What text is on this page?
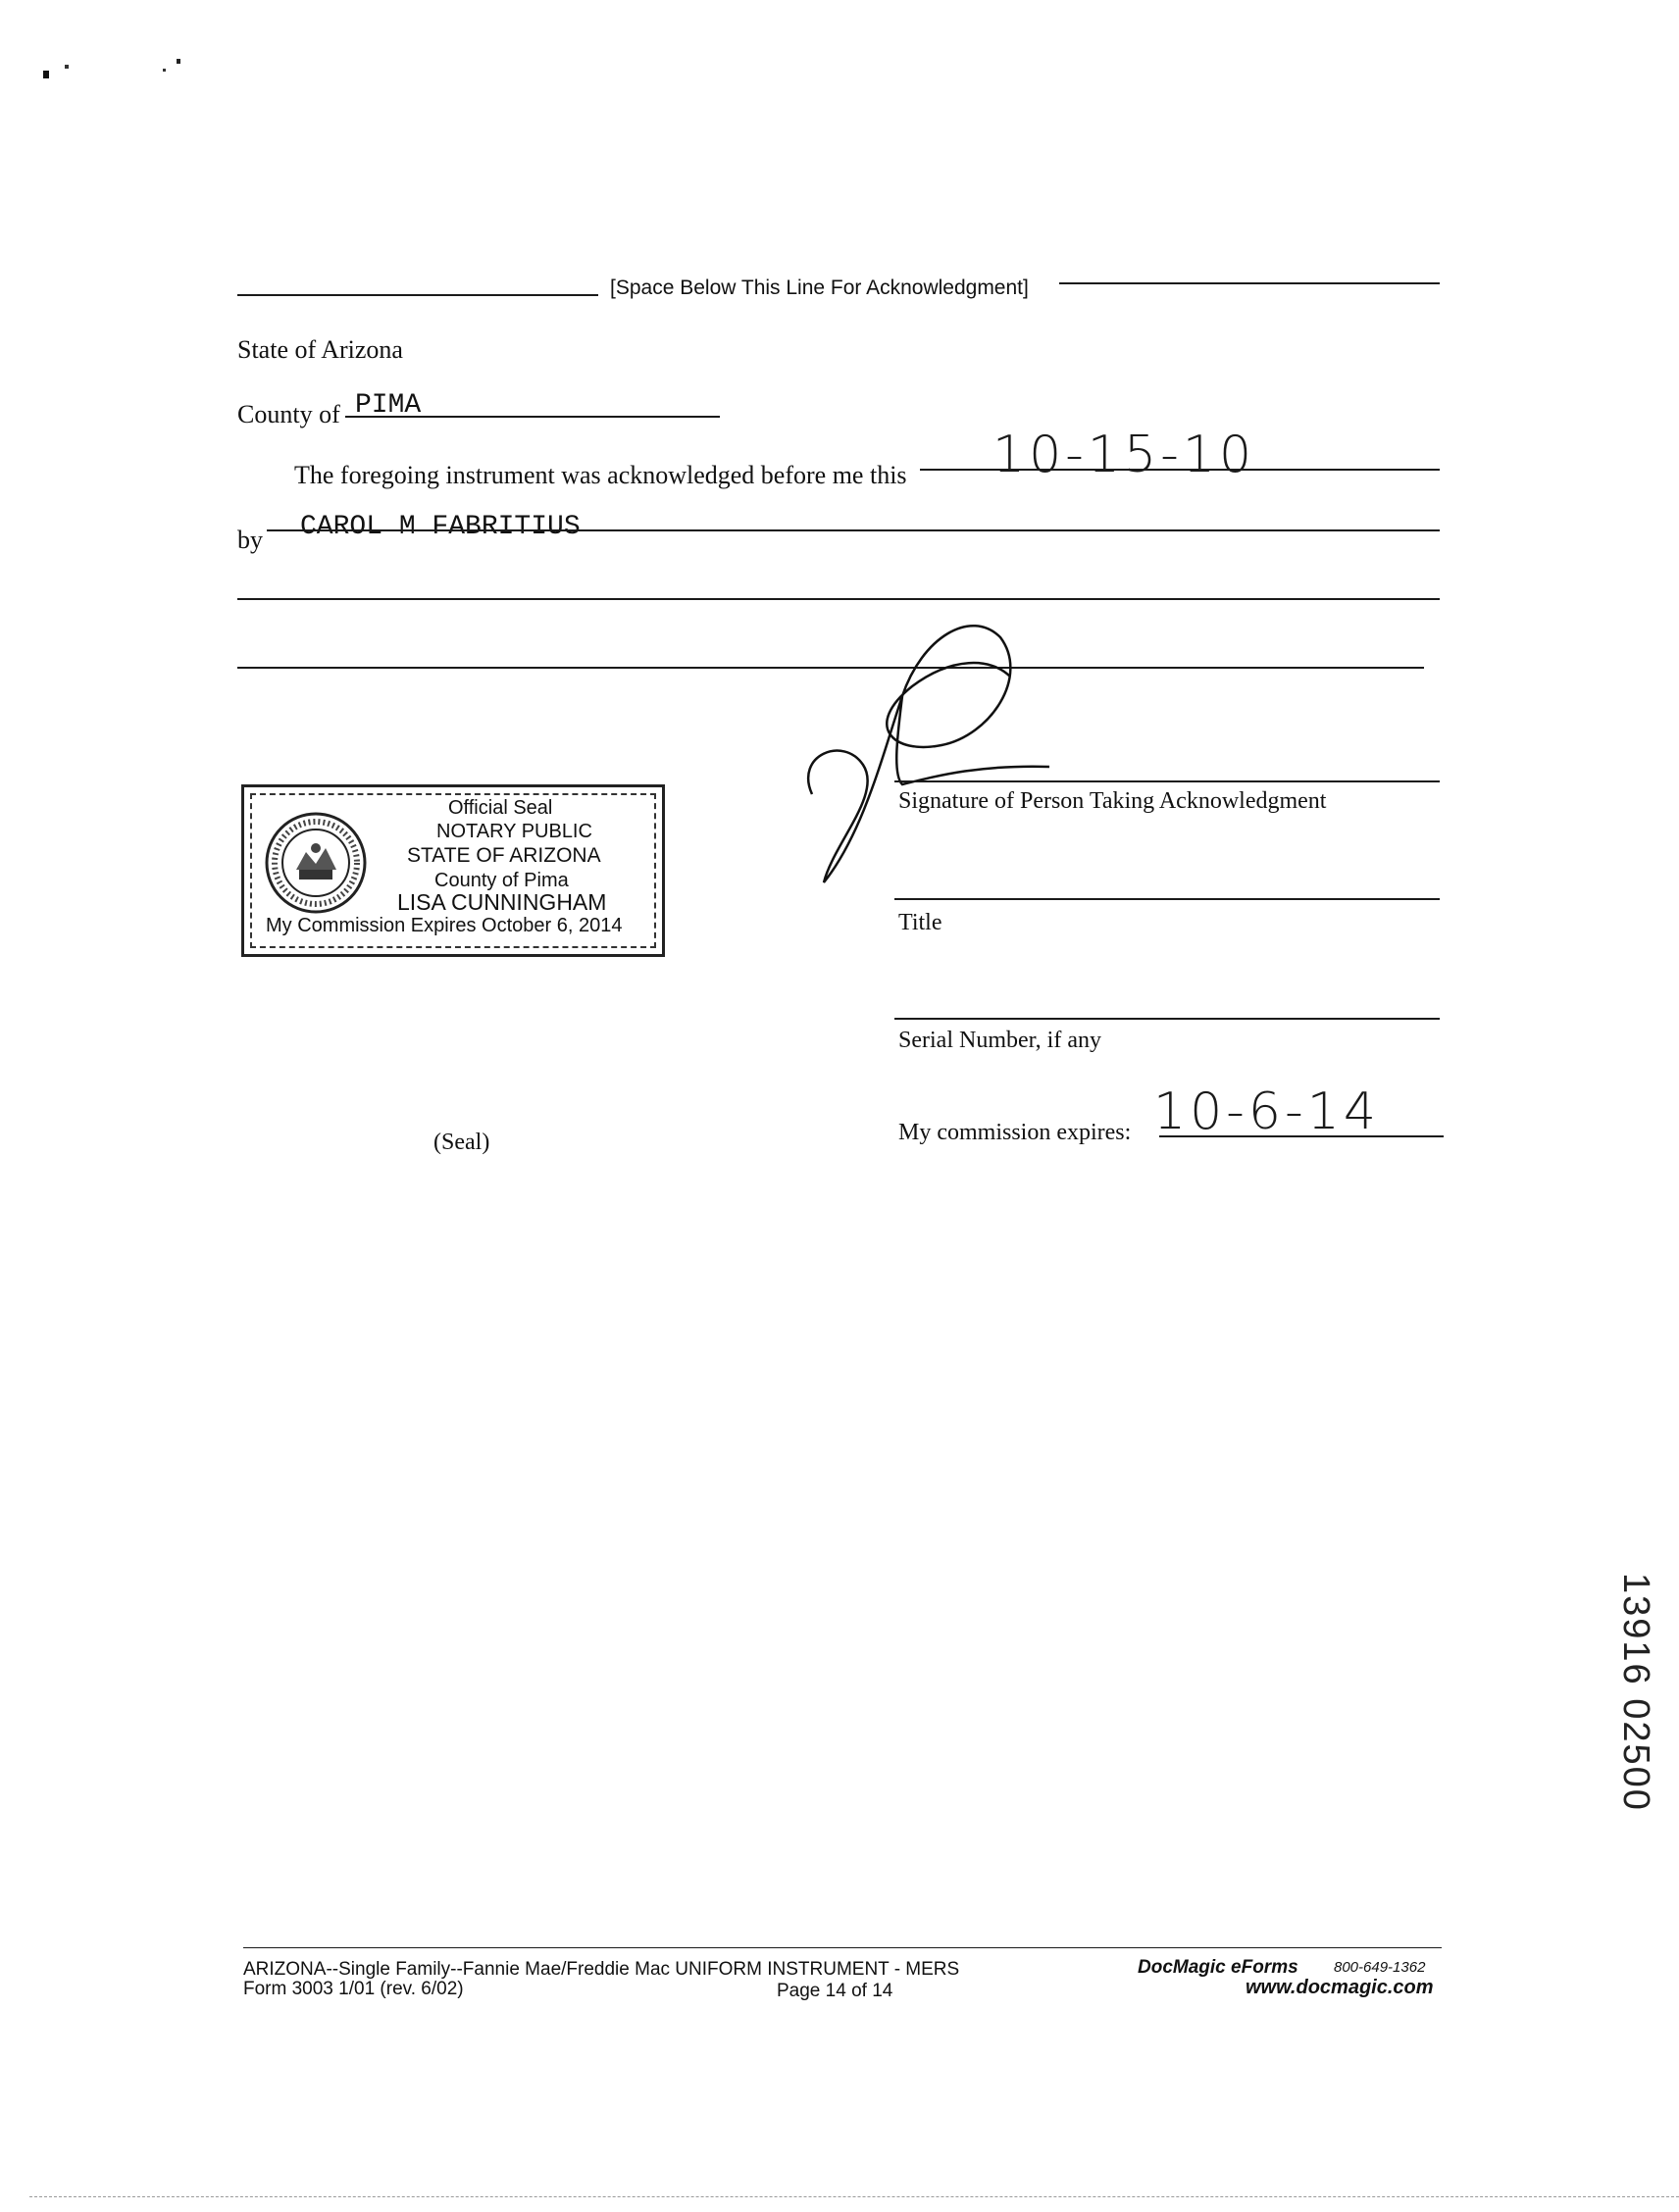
[Space Below This Line For Acknowledgment]
State of Arizona
County of PIMA
The foregoing instrument was acknowledged before me this 10-15-10
by CAROL M FABRITIUS
Official Seal
NOTARY PUBLIC
STATE OF ARIZONA
County of Pima
LISA CUNNINGHAM
My Commission Expires October 6, 2014
Signature of Person Taking Acknowledgment
Title
Serial Number, if any
My commission expires: 10-6-14
(Seal)
13916 02500
ARIZONA--Single Family--Fannie Mae/Freddie Mac UNIFORM INSTRUMENT - MERS
Form 3003 1/01 (rev. 6/02)	Page 14 of 14
DocMagic eForms 800-649-1362
www.docmagic.com
